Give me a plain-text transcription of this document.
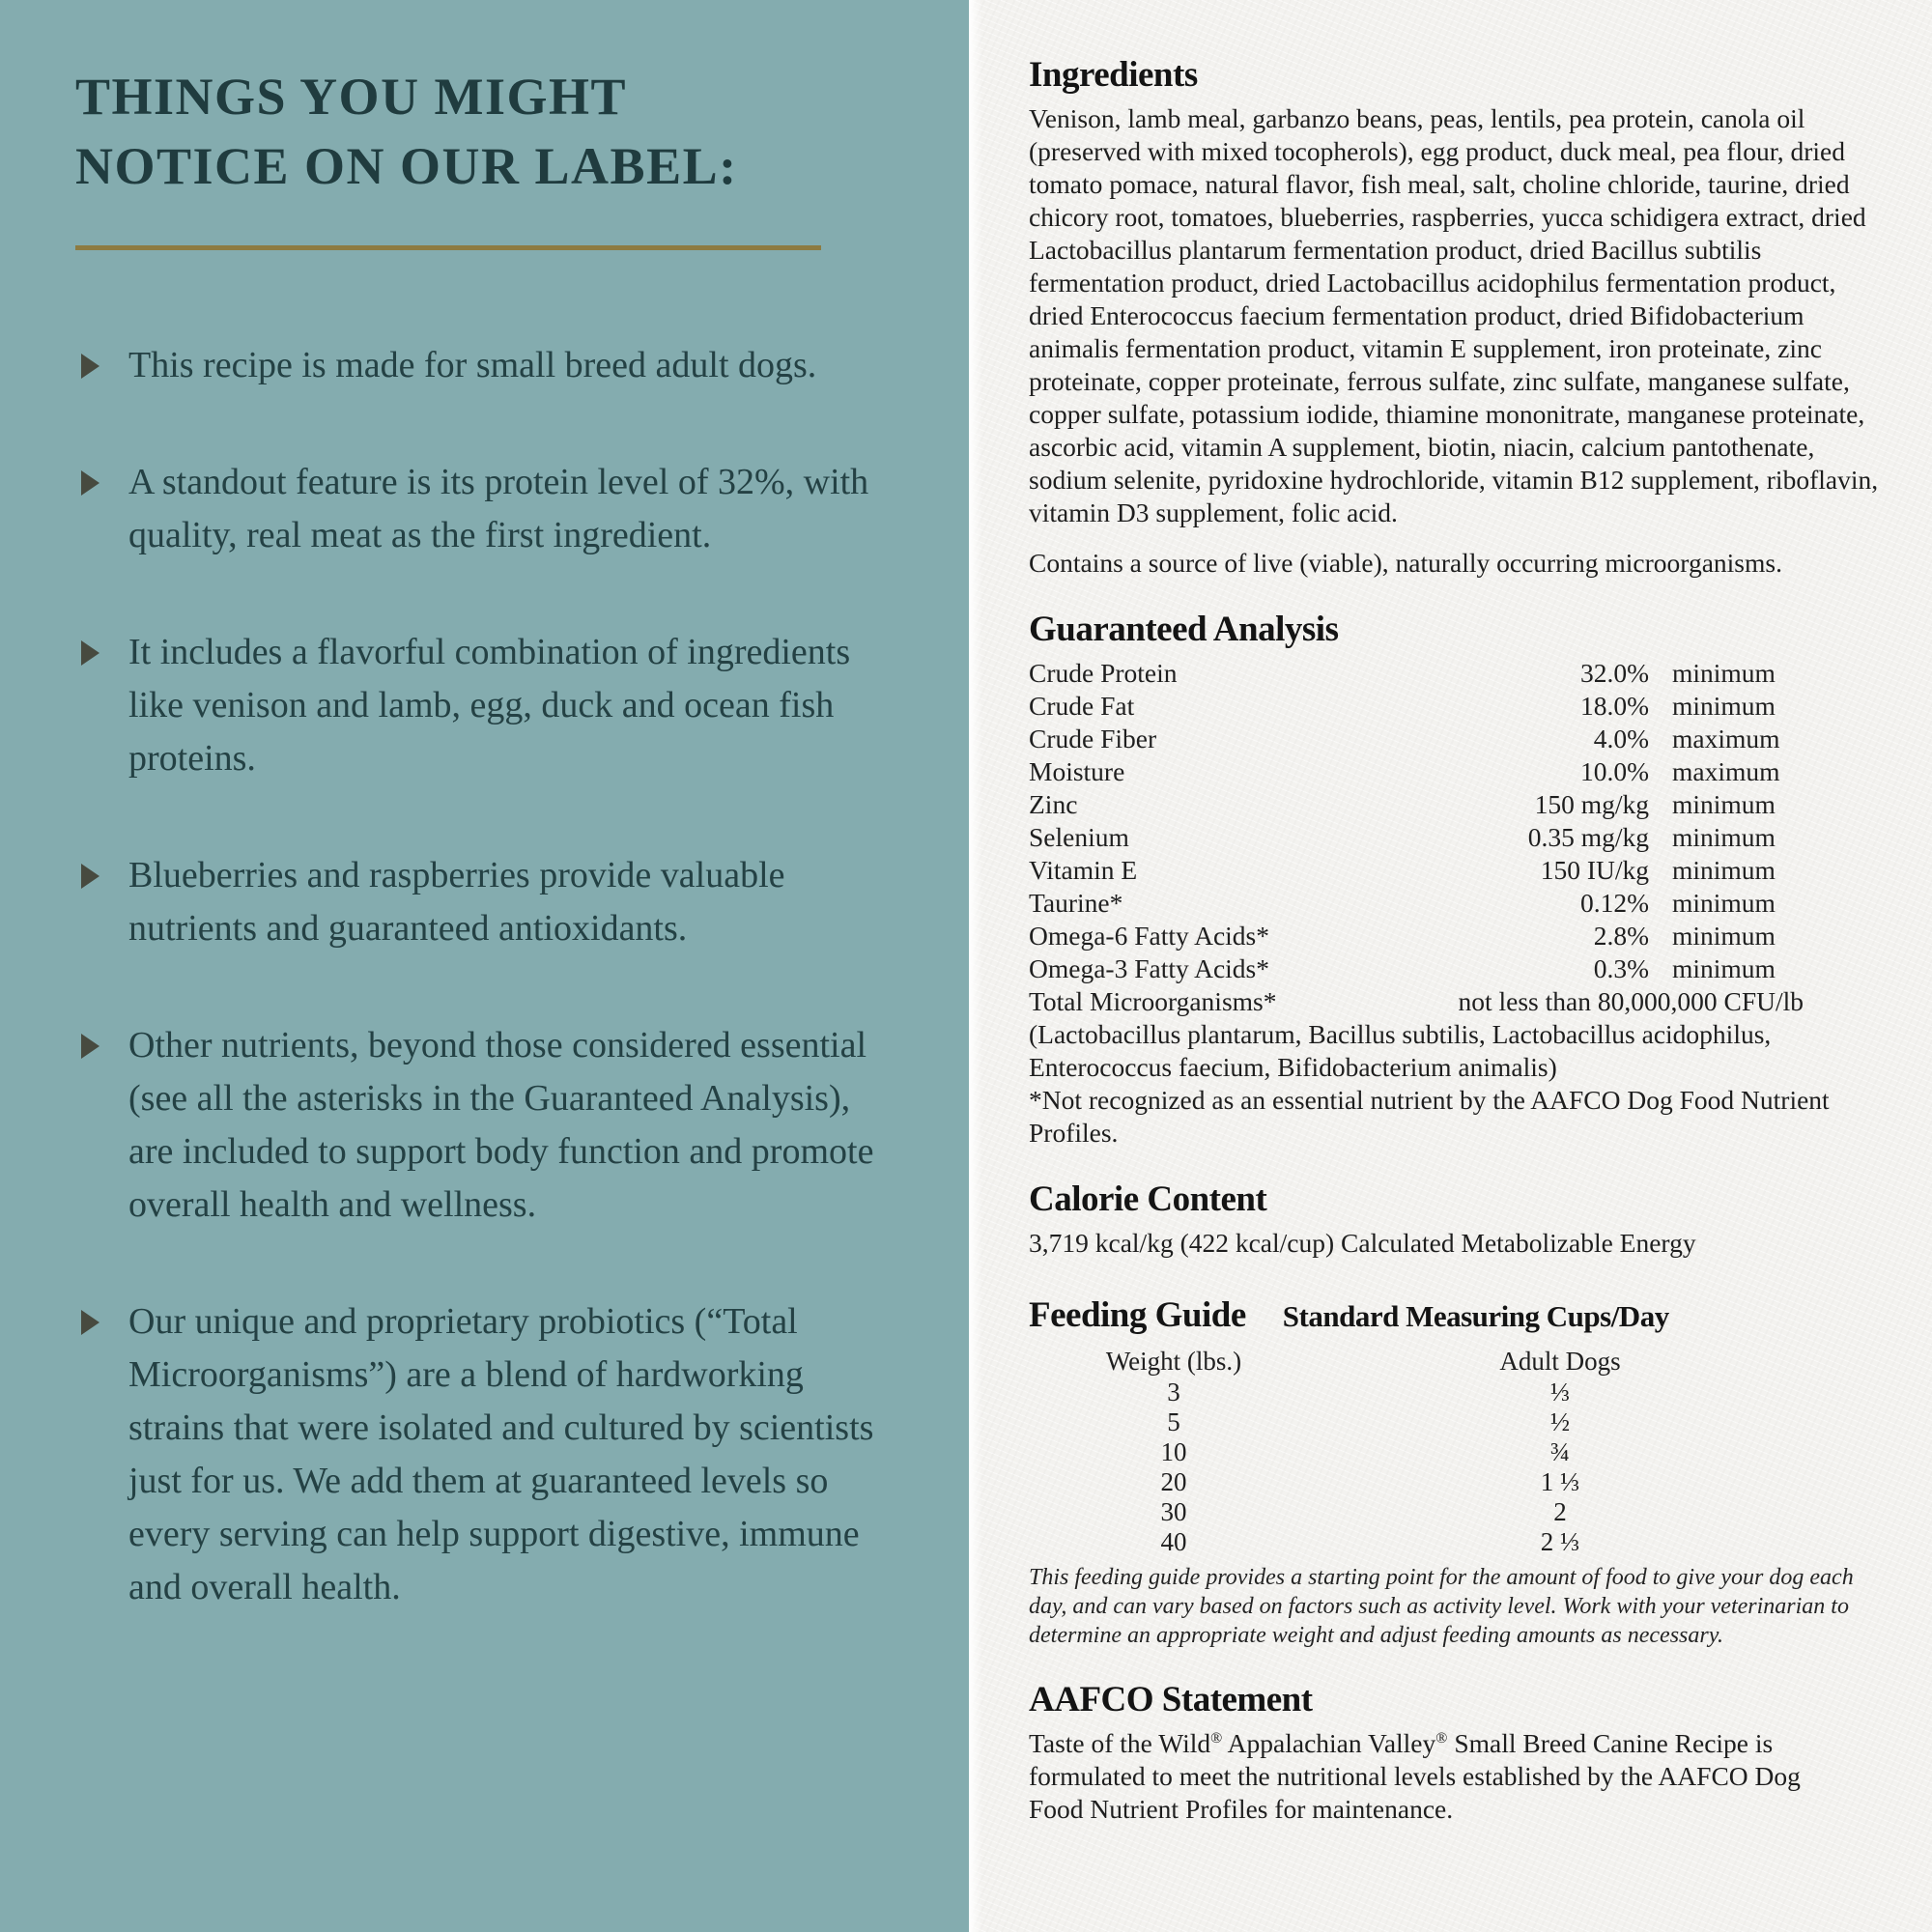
THINGS YOU MIGHT
NOTICE ON OUR LABEL:
This recipe is made for small breed adult dogs.
A standout feature is its protein level of 32%, with quality, real meat as the first ingredient.
It includes a flavorful combination of ingredients like venison and lamb, egg, duck and ocean fish proteins.
Blueberries and raspberries provide valuable nutrients and guaranteed antioxidants.
Other nutrients, beyond those considered essential (see all the asterisks in the Guaranteed Analysis), are included to support body function and promote overall health and wellness.
Our unique and proprietary probiotics (“Total Microorganisms”) are a blend of hardworking strains that were isolated and cultured by scientists just for us. We add them at guaranteed levels so every serving can help support digestive, immune and overall health.
Ingredients

Venison, lamb meal, garbanzo beans, peas, lentils, pea protein, canola oil (preserved with mixed tocopherols), egg product, duck meal, pea flour, dried tomato pomace, natural flavor, fish meal, salt, choline chloride, taurine, dried chicory root, tomatoes, blueberries, raspberries, yucca schidigera extract, dried Lactobacillus plantarum fermentation product, dried Bacillus subtilis fermentation product, dried Lactobacillus acidophilus fermentation product, dried Enterococcus faecium fermentation product, dried Bifidobacterium animalis fermentation product, vitamin E supplement, iron proteinate, zinc proteinate, copper proteinate, ferrous sulfate, zinc sulfate, manganese sulfate, copper sulfate, potassium iodide, thiamine mononitrate, manganese proteinate, ascorbic acid, vitamin A supplement, biotin, niacin, calcium pantothenate, sodium selenite, pyridoxine hydrochloride, vitamin B12 supplement, riboflavin, vitamin D3 supplement, folic acid.

Contains a source of live (viable), naturally occurring microorganisms.

Guaranteed Analysis
Crude Protein	32.0% minimum
Crude Fat	18.0% minimum
Crude Fiber	4.0% maximum
Moisture	10.0% maximum
Zinc	150 mg/kg minimum
Selenium	0.35 mg/kg minimum
Vitamin E	150 IU/kg minimum
Taurine*	0.12% minimum
Omega-6 Fatty Acids*	2.8% minimum
Omega-3 Fatty Acids*	0.3% minimum
Total Microorganisms*	not less than 80,000,000 CFU/lb

(Lactobacillus plantarum, Bacillus subtilis, Lactobacillus acidophilus, Enterococcus faecium, Bifidobacterium animalis)

*Not recognized as an essential nutrient by the AAFCO Dog Food Nutrient Profiles.

Calorie Content

3,719 kcal/kg (422 kcal/cup) Calculated Metabolizable Energy

Feeding Guide Standard Measuring Cups/Day
Weight (lbs.)	Adult Dogs
3	⅓
5	½
10	¾
20	1 ⅓
30	2
40	2 ⅓

This feeding guide provides a starting point for the amount of food to give your dog each day, and can vary based on factors such as activity level. Work with your veterinarian to determine an appropriate weight and adjust feeding amounts as necessary.

AAFCO Statement

Taste of the Wild® Appalachian Valley® Small Breed Canine Recipe is formulated to meet the nutritional levels established by the AAFCO Dog Food Nutrient Profiles for maintenance.
